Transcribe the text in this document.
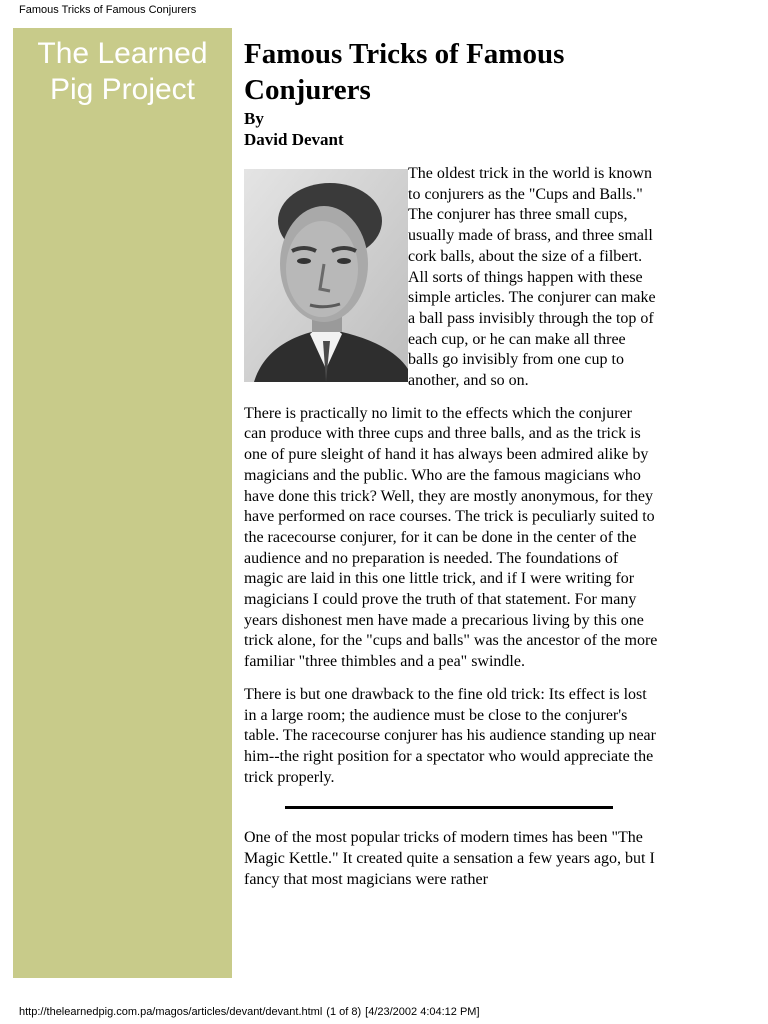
Famous Tricks of Famous Conjurers
The Learned Pig Project
Famous Tricks of Famous Conjurers
By
David Devant

The oldest trick in the world is known to conjurers as the "Cups and Balls." The conjurer has three small cups, usually made of brass, and three small cork balls, about the size of a filbert. All sorts of things happen with these simple articles. The conjurer can make a ball pass invisibly through the top of each cup, or he can make all three balls go invisibly from one cup to another, and so on.

There is practically no limit to the effects which the conjurer can produce with three cups and three balls, and as the trick is one of pure sleight of hand it has always been admired alike by magicians and the public. Who are the famous magicians who have done this trick? Well, they are mostly anonymous, for they have performed on race courses. The trick is peculiarly suited to the racecourse conjurer, for it can be done in the center of the audience and no preparation is needed. The foundations of magic are laid in this one little trick, and if I were writing for magicians I could prove the truth of that statement. For many years dishonest men have made a precarious living by this one trick alone, for the "cups and balls" was the ancestor of the more familiar "three thimbles and a pea" swindle.

There is but one drawback to the fine old trick: Its effect is lost in a large room; the audience must be close to the conjurer's table. The racecourse conjurer has his audience standing up near him--the right position for a spectator who would appreciate the trick properly.

One of the most popular tricks of modern times has been "The Magic Kettle." It created quite a sensation a few years ago, but I fancy that most magicians were rather

http://thelearnedpig.com.pa/magos/articles/devant/devant.html (1 of 8) [4/23/2002 4:04:12 PM]
